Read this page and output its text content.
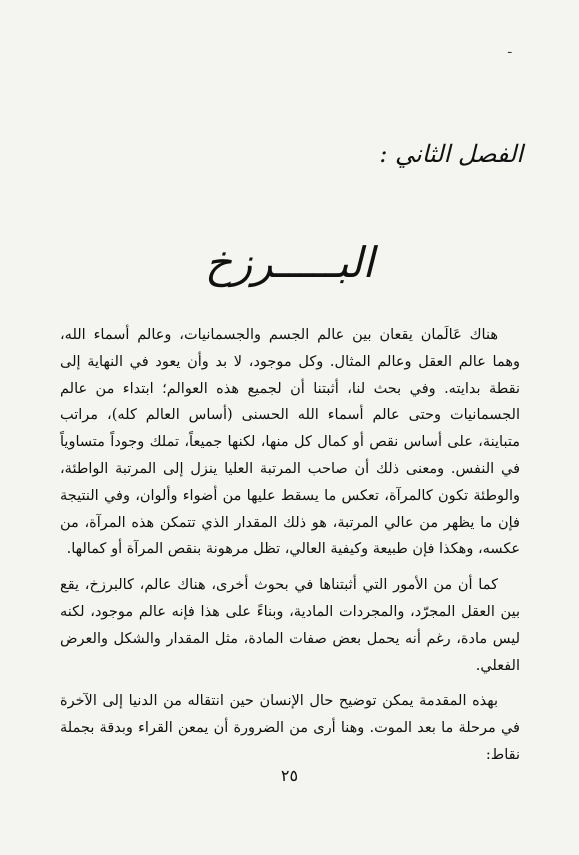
ـ
الفصل الثاني :
البـــــرزخ

هناك عَالَمان يقعان بين عالم الجسم والجسمانيات، وعالم أسماء الله، وهما عالم العقل وعالم المثال. وكل موجود، لا بد وأن يعود في النهاية إلى نقطة بدايته. وفي بحث لنا، أثبتنا أن لجميع هذه العوالم؛ ابتداء من عالم الجسمانيات وحتى عالم أسماء الله الحسنى (أساس العالم كله)، مراتب متباينة، على أساس نقص أو كمال كل منها، لكنها جميعاً، تملك وجوداً متساوياً في النفس. ومعنى ذلك أن صاحب المرتبة العليا ينزل إلى المرتبة الواطئة، والوطئة تكون كالمرآة، تعكس ما يسقط عليها من أضواء وألوان، وفي النتيجة فإن ما يظهر من عالي المرتبة، هو ذلك المقدار الذي تتمكن هذه المرآة، من عكسه، وهكذا فإن طبيعة وكيفية العالي، تظل مرهونة بنقص المرآة أو كمالها.

كما أن من الأمور التي أثبتناها في بحوث أخرى، هناك عالم، كالبرزخ، يقع بين العقل المجرّد، والمجردات المادية، وبناءً على هذا فإنه عالم موجود، لكنه ليس مادة، رغم أنه يحمل بعض صفات المادة، مثل المقدار والشكل والعرض الفعلي.

بهذه المقدمة يمكن توضيح حال الإنسان حين انتقاله من الدنيا إلى الآخرة في مرحلة ما بعد الموت. وهنا أرى من الضرورة أن يمعن القراء وبدقة بجملة نقاط:

٢٥
